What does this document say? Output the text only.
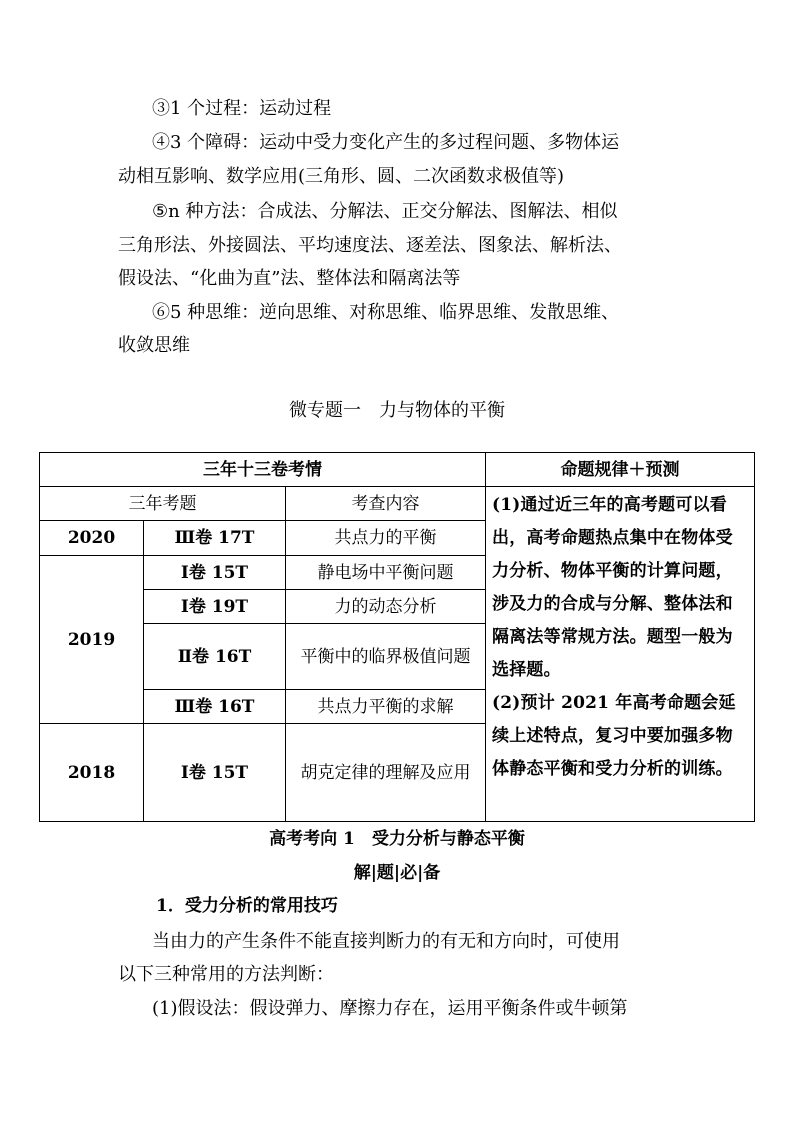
③1 个过程：运动过程
④3 个障碍：运动中受力变化产生的多过程问题、多物体运
动相互影响、数学应用(三角形、圆、二次函数求极值等)
⑤n 种方法：合成法、分解法、正交分解法、图解法、相似
三角形法、外接圆法、平均速度法、逐差法、图象法、解析法、
假设法、“化曲为直”法、整体法和隔离法等
⑥5 种思维：逆向思维、对称思维、临界思维、发散思维、
收敛思维
微专题一　力与物体的平衡
三年十三卷考情			命题规律＋预测
三年考题		考查内容	(1)通过近三年的高考题可以看出，高考命题热点集中在物体受力分析、物体平衡的计算问题，涉及力的合成与分解、整体法和隔离法等常规方法。题型一般为选择题。

(2)预计 2021 年高考命题会延续上述特点，复习中要加强多物体静态平衡和受力分析的训练。

2020	Ⅲ卷 17T	共点力的平衡	
2019	Ⅰ卷 15T	静电场中平衡问题	
	Ⅰ卷 19T	力的动态分析	
	Ⅱ卷 16T	平衡中的临界极值问题	
	Ⅲ卷 16T	共点力平衡的求解	
2018	Ⅰ卷 15T	胡克定律的理解及应用	
高考考向 1　受力分析与静态平衡
解|题|必|备
1．受力分析的常用技巧
当由力的产生条件不能直接判断力的有无和方向时，可使用
以下三种常用的方法判断：
(1)假设法：假设弹力、摩擦力存在，运用平衡条件或牛顿第
